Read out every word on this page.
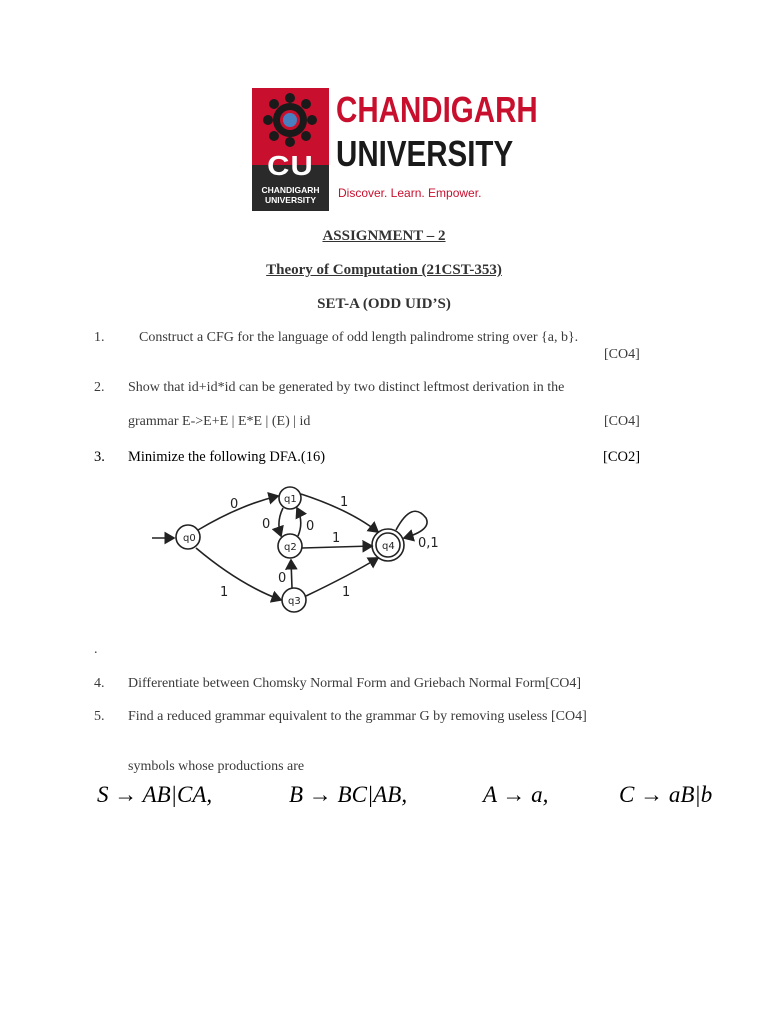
CU
CHANDIGARH
UNIVERSITY
CHANDIGARH
UNIVERSITY
Discover. Learn. Empower.
ASSIGNMENT – 2
Theory of Computation (21CST-353)
SET-A (ODD UID’S)
1. Construct a CFG for the language of odd length palindrome string over {a, b}.
[CO4]
2. Show that id+id*id can be generated by two distinct leftmost derivation in the
grammar E->E+E | E*E | (E) | id	[CO4]
3. Minimize the following DFA.(16)	[CO2]
q0
q1
q2
q3
q4
0
0	0
1
1
1
0
1
0,1
.
4. Differentiate between Chomsky Normal Form and Griebach Normal Form[CO4]
5. Find a reduced grammar equivalent to the grammar G by removing useless [CO4]
symbols whose productions are
S → AB|CA,	B → BC|AB,	A → a,	C → aB|b
